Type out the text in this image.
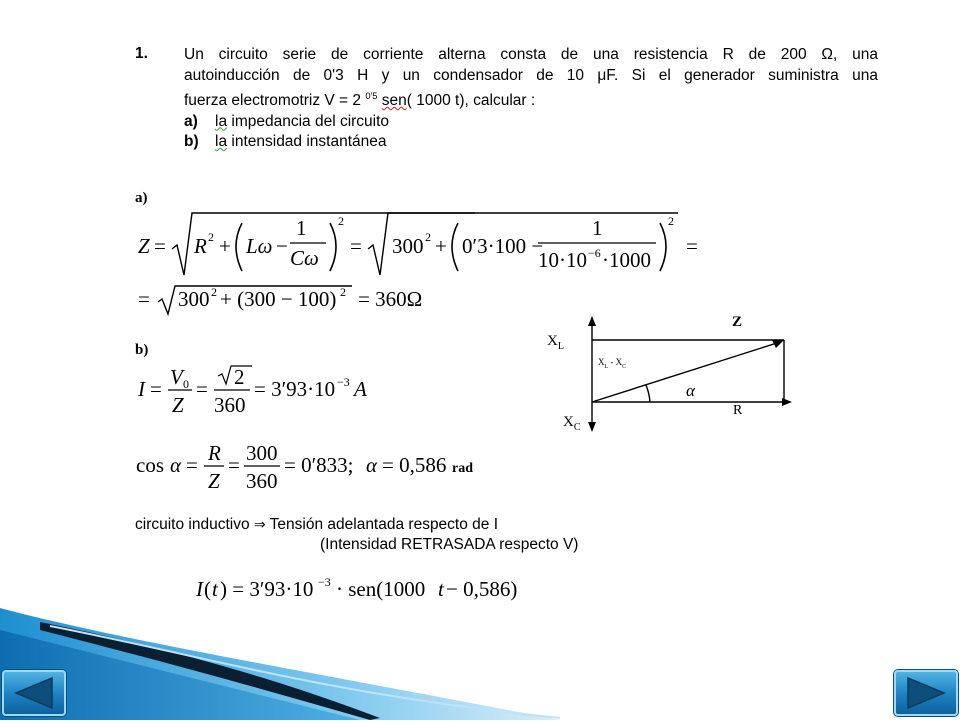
1. Un circuito serie de corriente alterna consta de una resistencia R de 200 Ω, una
autoinducción de 0'3 H y un condensador de 10 μF. Si el generador suministra una
fuerza electromotriz V = 2 $^{0'5}$ sen( 1000 t), calcular :
a) la impedancia del circuito
b) la intensidad instantánea
a)
Z = R 2 + Lω −
1
Cω
2
= 300 2 + 0′3·100 −
1
10·10 −6 ·1000
2
=
= 300 2 + (300 − 100) 2 = 360Ω
b)
I = V 0
Z
= 2
360
= 3′93·10 −3 A
cos α = R
Z
= 300
360
= 0′833; α = 0,586 rad
circuito inductivo ⇒ Tensión adelantada respecto de I
(Intensidad RETRASADA respecto V)
I ( t ) = 3′93·10 −3 · sen(1000 t − 0,586)
$X_L$
$X_C$
Z
R
α
$X_L - X_C$
